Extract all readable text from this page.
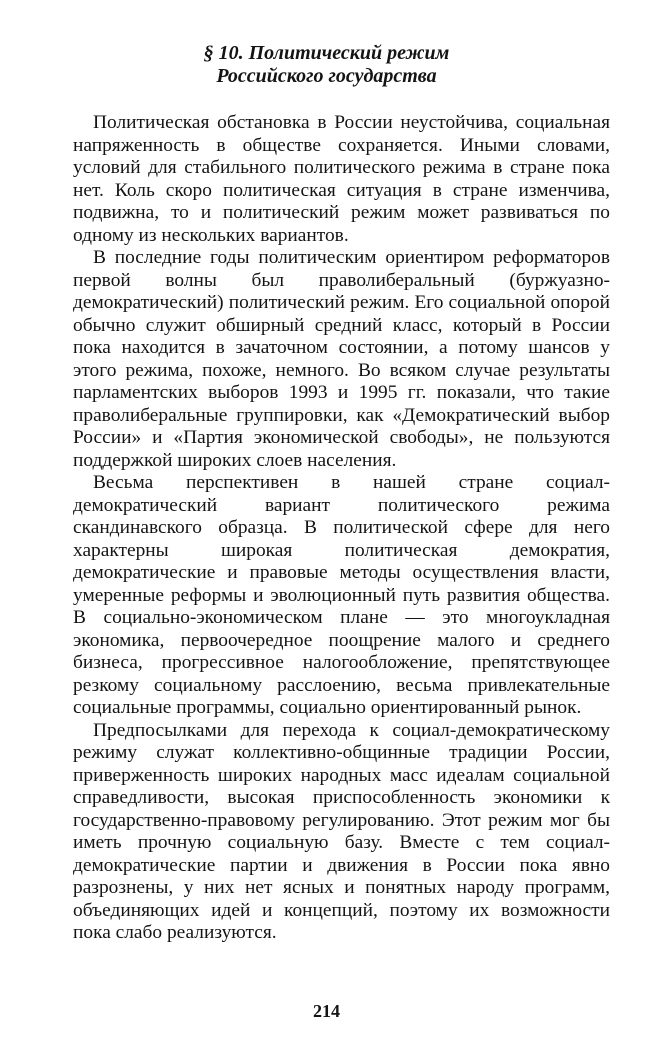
§ 10. Политический режим
Российского государства

Политическая обстановка в России неустойчива, социальная напряженность в обществе сохраняется. Иными словами, условий для стабильного политического режима в стране пока нет. Коль скоро политическая ситуация в стране изменчива, подвижна, то и политический режим может развиваться по одному из нескольких вариантов.

В последние годы политическим ориентиром реформаторов первой волны был праволиберальный (буржуазно-демократический) политический режим. Его социальной опорой обычно служит обширный средний класс, который в России пока находится в зачаточном состоянии, а потому шансов у этого режима, похоже, немного. Во всяком случае результаты парламентских выборов 1993 и 1995 гг. показали, что такие праволиберальные группировки, как «Демократический выбор России» и «Партия экономической свободы», не пользуются поддержкой широких слоев населения.

Весьма перспективен в нашей стране социал-демократический вариант политического режима скандинавского образца. В политической сфере для него характерны широкая политическая демократия, демократические и правовые методы осуществления власти, умеренные реформы и эволюционный путь развития общества. В социально-экономическом плане — это многоукладная экономика, первоочередное поощрение малого и среднего бизнеса, прогрессивное налогообложение, препятствующее резкому социальному расслоению, весьма привлекательные социальные программы, социально ориентированный рынок.

Предпосылками для перехода к социал-демократическому режиму служат коллективно-общинные традиции России, приверженность широких народных масс идеалам социальной справедливости, высокая приспособленность экономики к государственно-правовому регулированию. Этот режим мог бы иметь прочную социальную базу. Вместе с тем социал-демократические партии и движения в России пока явно разрознены, у них нет ясных и понятных народу программ, объединяющих идей и концепций, поэтому их возможности пока слабо реализуются.

214
